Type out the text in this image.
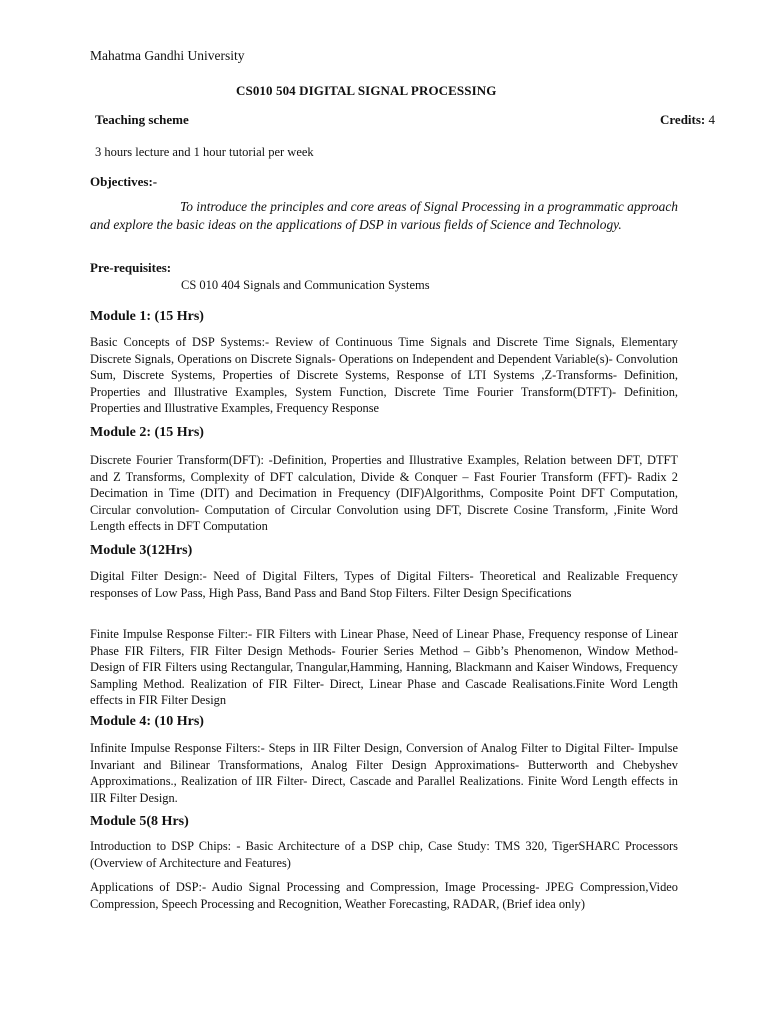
Mahatma Gandhi University
CS010 504 DIGITAL SIGNAL PROCESSING
Teaching scheme	Credits: 4
3 hours lecture and 1 hour tutorial per week
Objectives:-
To introduce the principles and core areas of Signal Processing in a programmatic approach and explore the basic ideas on the applications of DSP in various fields of Science and Technology.
Pre-requisites:
CS 010 404 Signals and Communication Systems
Module 1: (15 Hrs)
Basic Concepts of DSP Systems:- Review of Continuous Time Signals and Discrete Time Signals, Elementary Discrete Signals, Operations on Discrete Signals- Operations on Independent and Dependent Variable(s)- Convolution Sum, Discrete Systems, Properties of Discrete Systems, Response of LTI Systems ,Z-Transforms- Definition, Properties and Illustrative Examples, System Function, Discrete Time Fourier Transform(DTFT)- Definition, Properties and Illustrative Examples, Frequency Response
Module 2: (15 Hrs)
Discrete Fourier Transform(DFT): -Definition, Properties and Illustrative Examples, Relation between DFT, DTFT and Z Transforms, Complexity of DFT calculation, Divide & Conquer – Fast Fourier Transform (FFT)- Radix 2 Decimation in Time (DIT) and Decimation in Frequency (DIF)Algorithms, Composite Point DFT Computation, Circular convolution- Computation of Circular Convolution using DFT, Discrete Cosine Transform, ,Finite Word Length effects in DFT Computation
Module 3(12Hrs)
Digital Filter Design:- Need of Digital Filters, Types of Digital Filters- Theoretical and Realizable Frequency responses of Low Pass, High Pass, Band Pass and Band Stop Filters. Filter Design Specifications
Finite Impulse Response Filter:- FIR Filters with Linear Phase, Need of Linear Phase, Frequency response of Linear Phase FIR Filters, FIR Filter Design Methods- Fourier Series Method – Gibb’s Phenomenon, Window Method- Design of FIR Filters using Rectangular, Tnangular,Hamming, Hanning, Blackmann and Kaiser Windows, Frequency Sampling Method. Realization of FIR Filter- Direct, Linear Phase and Cascade Realisations.Finite Word Length effects in FIR Filter Design
Module 4: (10 Hrs)
Infinite Impulse Response Filters:- Steps in IIR Filter Design, Conversion of Analog Filter to Digital Filter- Impulse Invariant and Bilinear Transformations, Analog Filter Design Approximations- Butterworth and Chebyshev Approximations., Realization of IIR Filter- Direct, Cascade and Parallel Realizations. Finite Word Length effects in IIR Filter Design.
Module 5(8 Hrs)
Introduction to DSP Chips: - Basic Architecture of a DSP chip, Case Study: TMS 320, TigerSHARC Processors (Overview of Architecture and Features)
Applications of DSP:- Audio Signal Processing and Compression, Image Processing- JPEG Compression,Video Compression, Speech Processing and Recognition, Weather Forecasting, RADAR, (Brief idea only)
